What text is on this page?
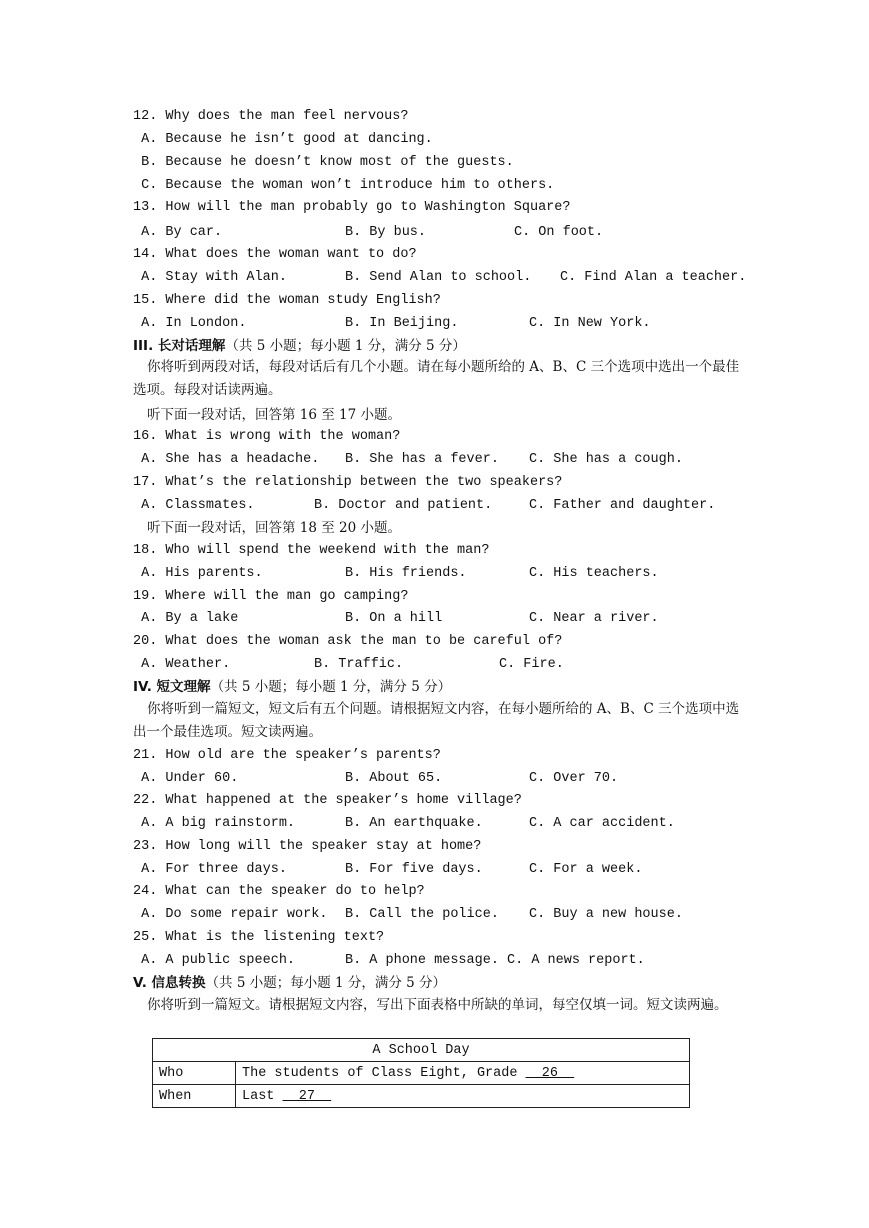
12. Why does the man feel nervous?
A. Because he isn’t good at dancing.
B. Because he doesn’t know most of the guests.
C. Because the woman won’t introduce him to others.
13. How will the man probably go to Washington Square?
A. By car.	B. By bus.	C. On foot.
14. What does the woman want to do?
A. Stay with Alan.	B. Send Alan to school. C. Find Alan a teacher.
15. Where did the woman study English?
A. In London.	B. In Beijing.	C. In New York.
III. 长对话理解（共 5 小题；每小题 1 分，满分 5 分）
你将听到两段对话，每段对话后有几个小题。请在每小题所给的 A、B、C 三个选项中选出一个最佳选项。每段对话读两遍。
听下面一段对话，回答第 16 至 17 小题。
16. What is wrong with the woman?
A. She has a headache. B. She has a fever. C. She has a cough.
17. What’s the relationship between the two speakers?
A. Classmates.	B. Doctor and patient.	C. Father and daughter.
听下面一段对话，回答第 18 至 20 小题。
18. Who will spend the weekend with the man?
A. His parents.	B. His friends.	C. His teachers.
19. Where will the man go camping?
A. By a lake	B. On a hill	C. Near a river.
20. What does the woman ask the man to be careful of?
A. Weather.	B. Traffic.	C. Fire.
IV. 短文理解（共 5 小题；每小题 1 分，满分 5 分）
你将听到一篇短文，短文后有五个问题。请根据短文内容，在每小题所给的 A、B、C 三个选项中选出一个最佳选项。短文读两遍。
21. How old are the speaker’s parents?
A. Under 60.	B. About 65.	C. Over 70.
22. What happened at the speaker’s home village?
A. A big rainstorm.	B. An earthquake.	C. A car accident.
23. How long will the speaker stay at home?
A. For three days.	B. For five days.	C. For a week.
24. What can the speaker do to help?
A. Do some repair work. B. Call the police. C. Buy a new house.
25. What is the listening text?
A. A public speech.	B. A phone message. C. A news report.
V. 信息转换（共 5 小题；每小题 1 分，满分 5 分）
你将听到一篇短文。请根据短文内容，写出下面表格中所缺的单词，每空仅填一词。短文读两遍。
A School Day	
Who	The students of Class Eight, Grade   26
When	Last   27
